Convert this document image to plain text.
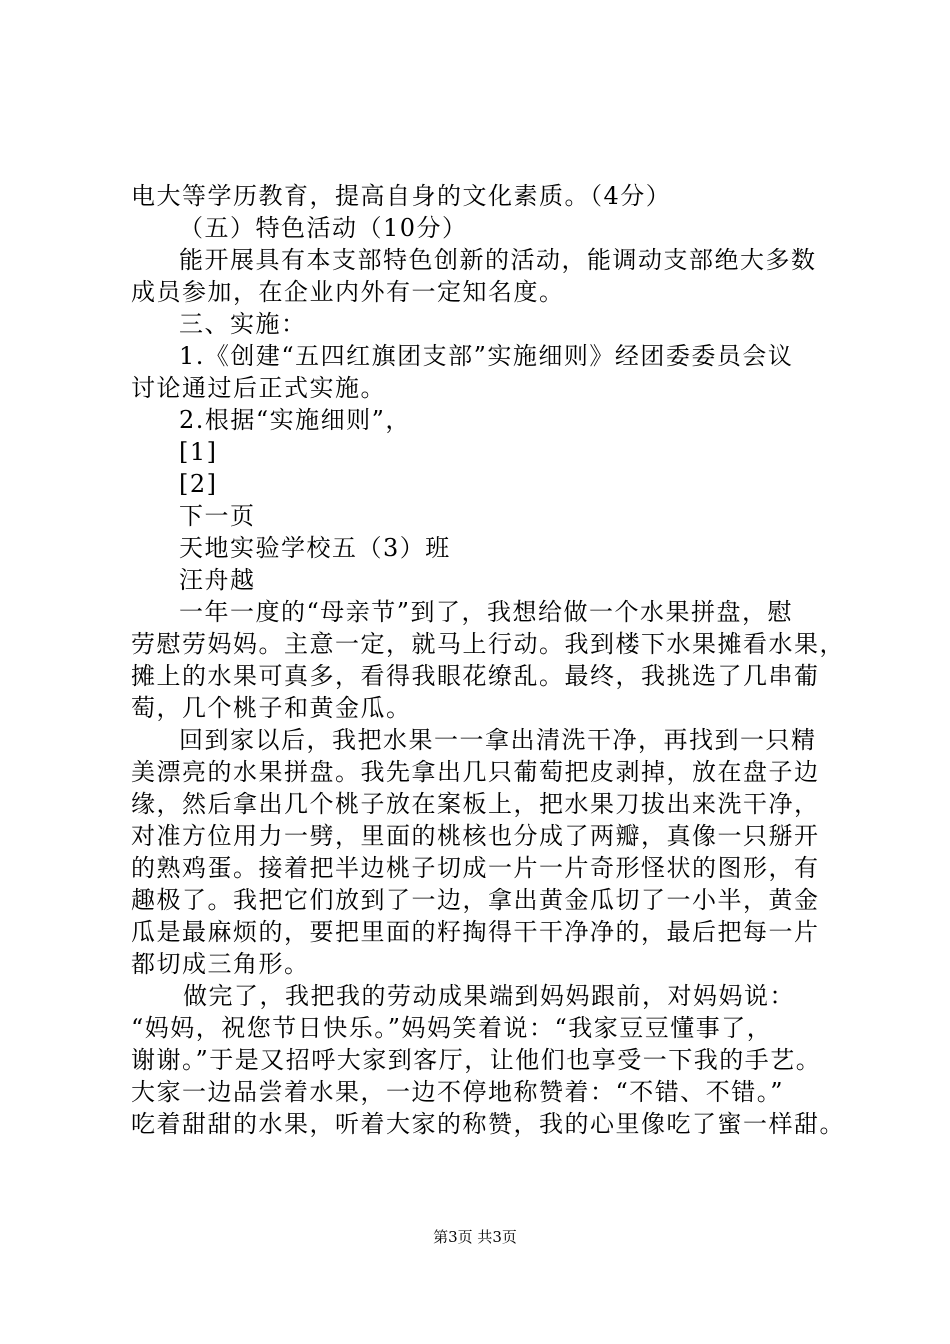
电大等学历教育，提高自身的文化素质。（4分）
（五）特色活动（10分）
能开展具有本支部特色创新的活动，能调动支部绝大多数
成员参加，在企业内外有一定知名度。
三、实施：
1.《创建“五四红旗团支部”实施细则》经团委委员会议
讨论通过后正式实施。
2.根据“实施细则”，
[1]
[2]
下一页
天地实验学校五（3）班
汪舟越
一年一度的“母亲节”到了，我想给做一个水果拼盘，慰
劳慰劳妈妈。主意一定，就马上行动。我到楼下水果摊看水果，
摊上的水果可真多，看得我眼花缭乱。最终，我挑选了几串葡
萄，几个桃子和黄金瓜。
回到家以后，我把水果一一拿出清洗干净，再找到一只精
美漂亮的水果拼盘。我先拿出几只葡萄把皮剥掉，放在盘子边
缘，然后拿出几个桃子放在案板上，把水果刀拔出来洗干净，
对准方位用力一劈，里面的桃核也分成了两瓣，真像一只掰开
的熟鸡蛋。接着把半边桃子切成一片一片奇形怪状的图形，有
趣极了。我把它们放到了一边，拿出黄金瓜切了一小半，黄金
瓜是最麻烦的，要把里面的籽掏得干干净净的，最后把每一片
都切成三角形。
做完了，我把我的劳动成果端到妈妈跟前，对妈妈说：
“妈妈，祝您节日快乐。”妈妈笑着说：“我家豆豆懂事了，
谢谢。”于是又招呼大家到客厅，让他们也享受一下我的手艺。
大家一边品尝着水果，一边不停地称赞着：“不错、不错。”
吃着甜甜的水果，听着大家的称赞，我的心里像吃了蜜一样甜。
第3页 共3页
